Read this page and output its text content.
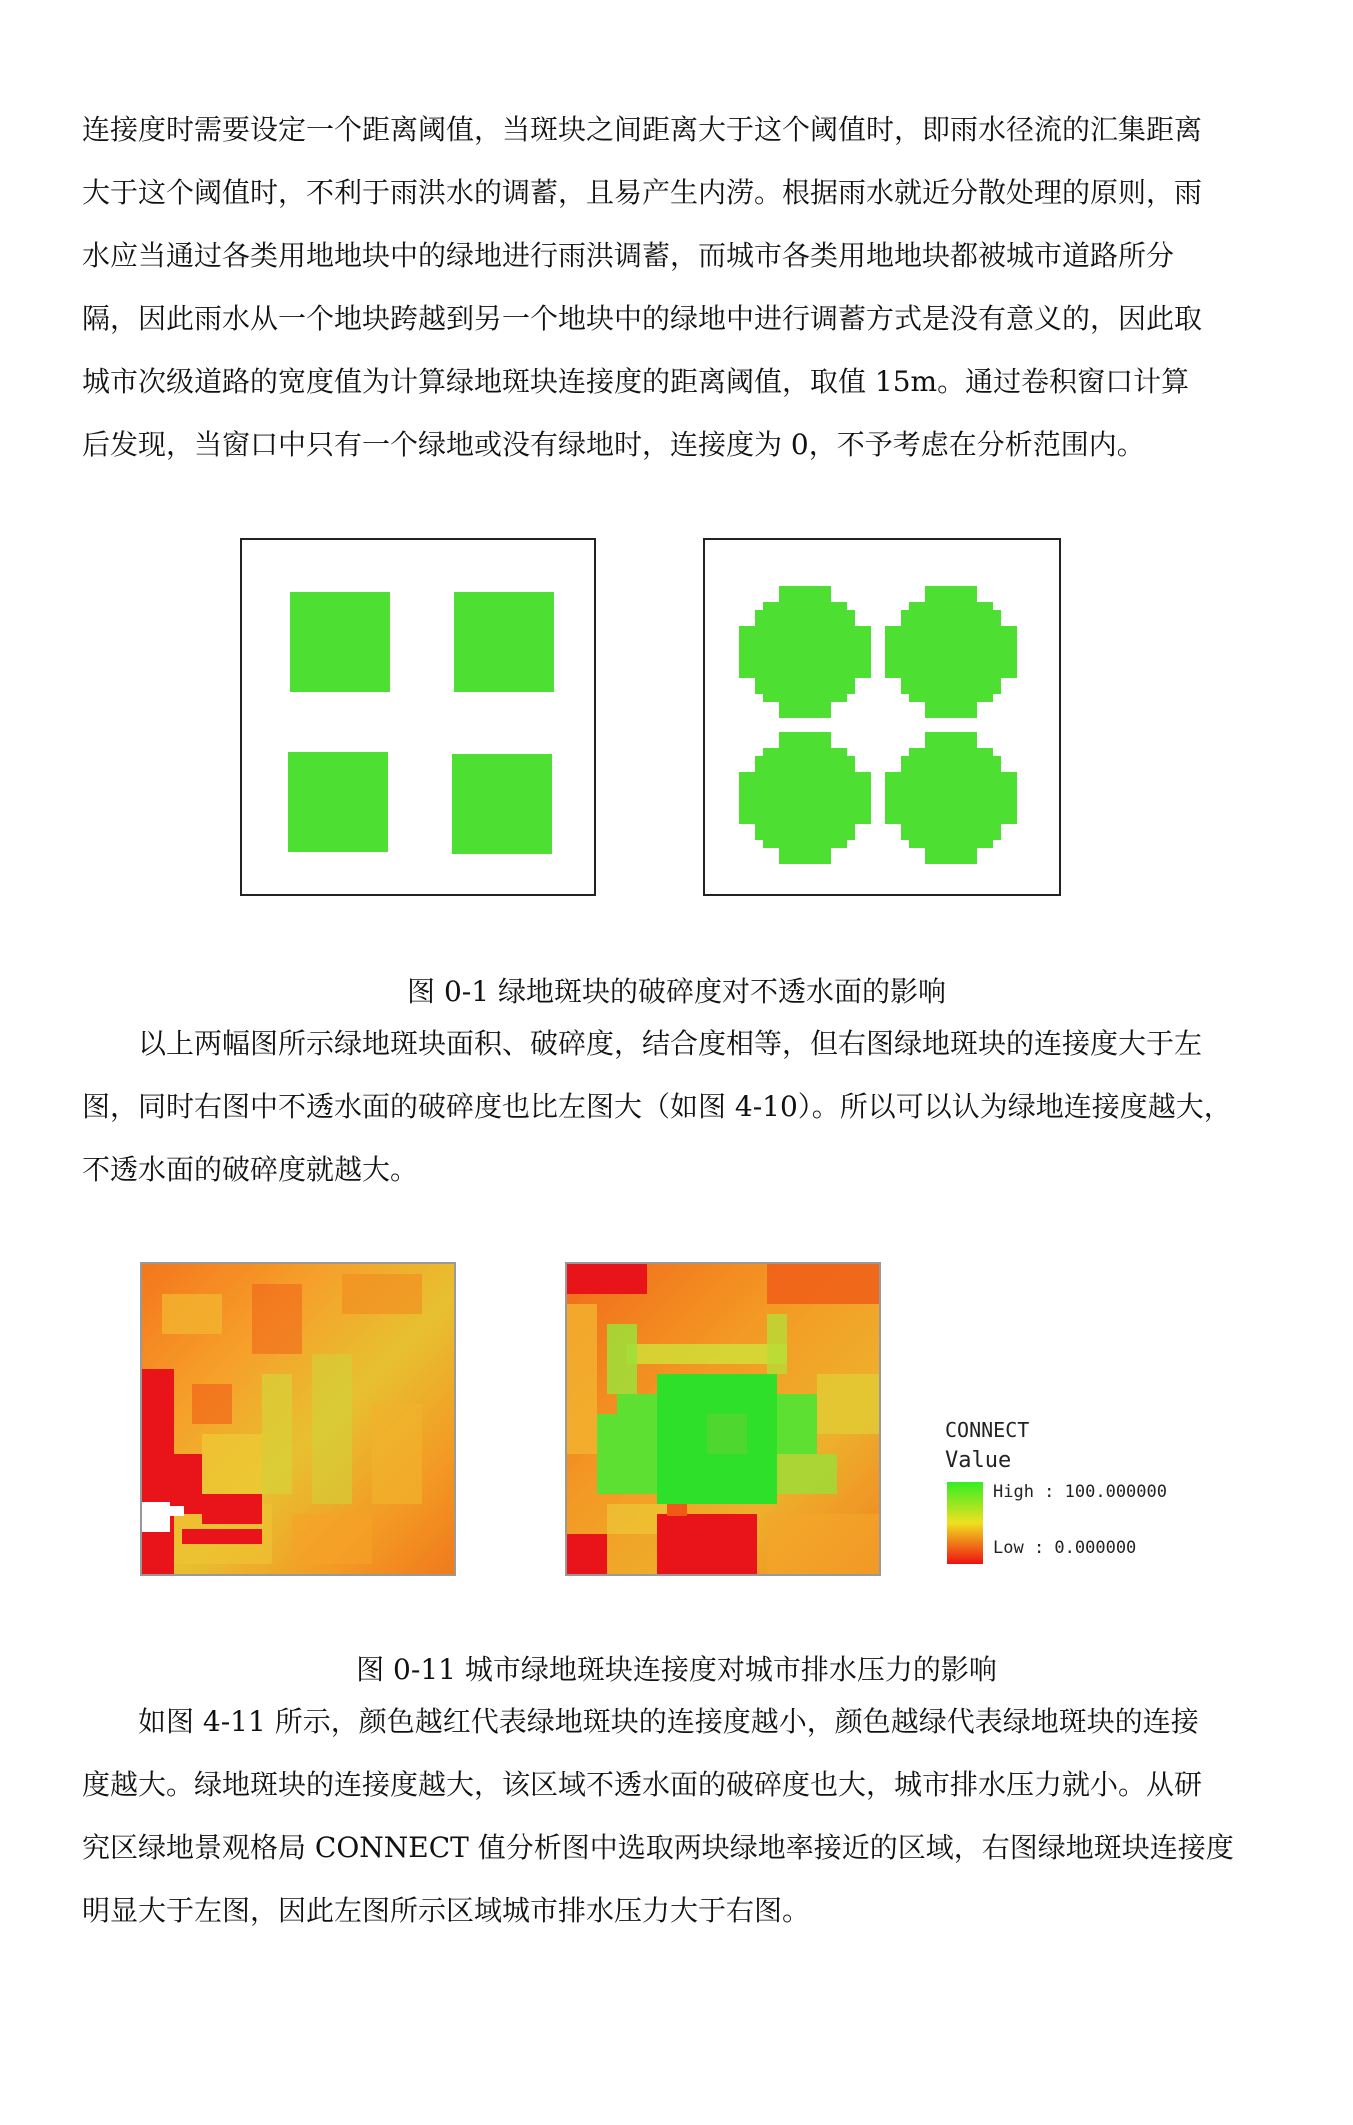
连接度时需要设定一个距离阈值，当斑块之间距离大于这个阈值时，即雨水径流的汇集距离

大于这个阈值时，不利于雨洪水的调蓄，且易产生内涝。根据雨水就近分散处理的原则，雨

水应当通过各类用地地块中的绿地进行雨洪调蓄，而城市各类用地地块都被城市道路所分

隔，因此雨水从一个地块跨越到另一个地块中的绿地中进行调蓄方式是没有意义的，因此取

城市次级道路的宽度值为计算绿地斑块连接度的距离阈值，取值 15m。通过卷积窗口计算

后发现，当窗口中只有一个绿地或没有绿地时，连接度为 0，不予考虑在分析范围内。

图 0-1 绿地斑块的破碎度对不透水面的影响

以上两幅图所示绿地斑块面积、破碎度，结合度相等，但右图绿地斑块的连接度大于左

图，同时右图中不透水面的破碎度也比左图大（如图 4-10）。所以可以认为绿地连接度越大，

不透水面的破碎度就越大。

CONNECT
Value
High : 100.000000
Low : 0.000000
图 0-11 城市绿地斑块连接度对城市排水压力的影响

如图 4-11 所示，颜色越红代表绿地斑块的连接度越小，颜色越绿代表绿地斑块的连接

度越大。绿地斑块的连接度越大，该区域不透水面的破碎度也大，城市排水压力就小。从研

究区绿地景观格局 CONNECT 值分析图中选取两块绿地率接近的区域，右图绿地斑块连接度

明显大于左图，因此左图所示区域城市排水压力大于右图。
